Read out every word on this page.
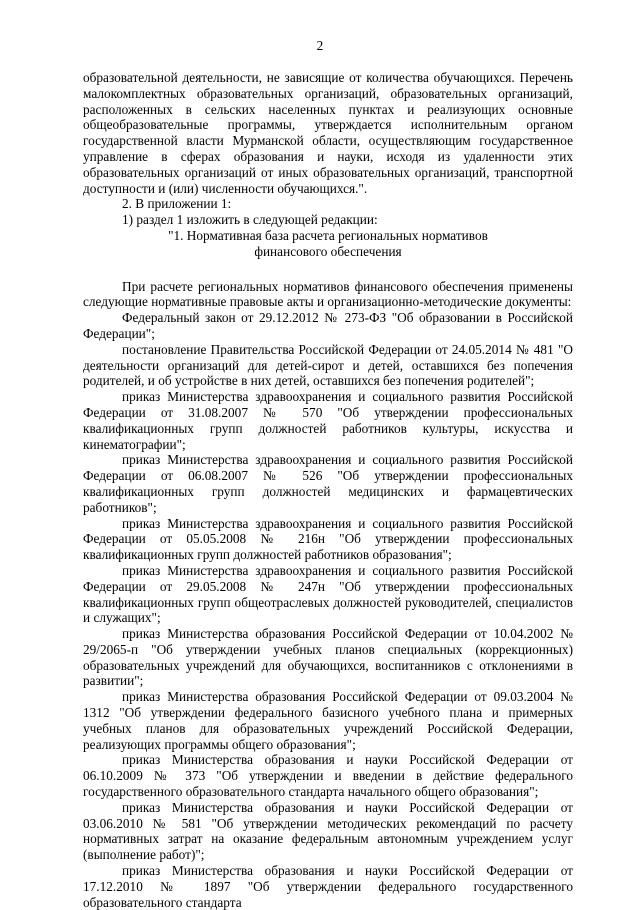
2

образовательной деятельности, не зависящие от количества обучающихся. Перечень малокомплектных образовательных организаций, образовательных организаций, расположенных в сельских населенных пунктах и реализующих основные общеобразовательные программы, утверждается исполнительным органом государственной власти Мурманской области, осуществляющим государственное управление в сферах образования и науки, исходя из удаленности этих образовательных организаций от иных образовательных организаций, транспортной доступности и (или) численности обучающихся.".

2. В приложении 1:

1) раздел 1 изложить в следующей редакции:

"1. Нормативная база расчета региональных нормативов

финансового обеспечения

При расчете региональных нормативов финансового обеспечения применены следующие нормативные правовые акты и организационно-методические документы:

Федеральный закон от 29.12.2012 № 273-ФЗ "Об образовании в Российской Федерации";

постановление Правительства Российской Федерации от 24.05.2014 № 481 "О деятельности организаций для детей-сирот и детей, оставшихся без попечения родителей, и об устройстве в них детей, оставшихся без попечения родителей";

приказ Министерства здравоохранения и социального развития Российской Федерации от 31.08.2007 № 570 "Об утверждении профессиональных квалификационных групп должностей работников культуры, искусства и кинематографии";

приказ Министерства здравоохранения и социального развития Российской Федерации от 06.08.2007 № 526 "Об утверждении профессиональных квалификационных групп должностей медицинских и фармацевтических работников";

приказ Министерства здравоохранения и социального развития Российской Федерации от 05.05.2008 № 216н "Об утверждении профессиональных квалификационных групп должностей работников образования";

приказ Министерства здравоохранения и социального развития Российской Федерации от 29.05.2008 № 247н "Об утверждении профессиональных квалификационных групп общеотраслевых должностей руководителей, специалистов и служащих";

приказ Министерства образования Российской Федерации от 10.04.2002 № 29/2065-п "Об утверждении учебных планов специальных (коррекционных) образовательных учреждений для обучающихся, воспитанников с отклонениями в развитии";

приказ Министерства образования Российской Федерации от 09.03.2004 № 1312 "Об утверждении федерального базисного учебного плана и примерных учебных планов для образовательных учреждений Российской Федерации, реализующих программы общего образования";

приказ Министерства образования и науки Российской Федерации от 06.10.2009 № 373 "Об утверждении и введении в действие федерального государственного образовательного стандарта начального общего образования";

приказ Министерства образования и науки Российской Федерации от 03.06.2010 № 581 "Об утверждении методических рекомендаций по расчету нормативных затрат на оказание федеральным автономным учреждением услуг (выполнение работ)";

приказ Министерства образования и науки Российской Федерации от 17.12.2010 № 1897 "Об утверждении федерального государственного образовательного стандарта
